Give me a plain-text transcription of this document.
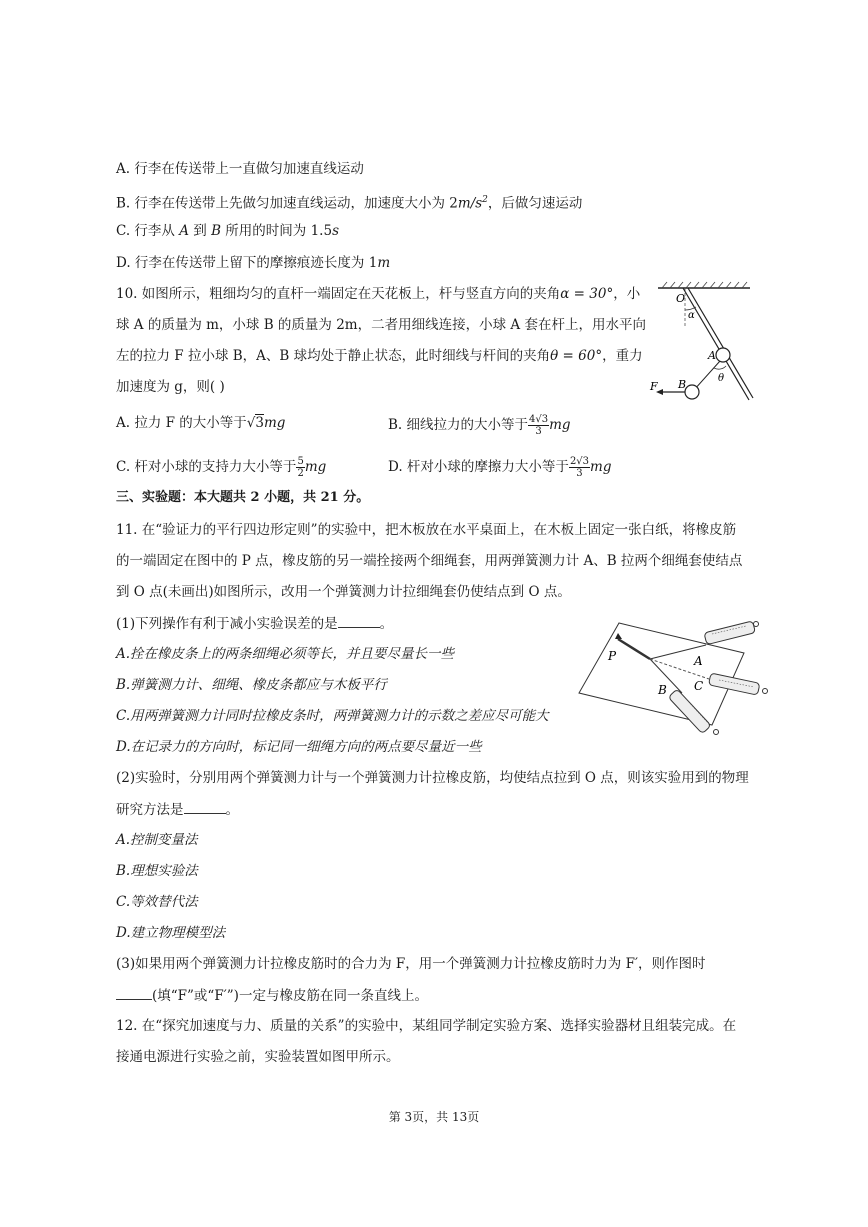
A. 行李在传送带上一直做匀加速直线运动
B. 行李在传送带上先做匀加速直线运动，加速度大小为 $2m/s^2$，后做匀速运动
C. 行李从 A 到 B 所用的时间为 1.5s
D. 行李在传送带上留下的摩擦痕迹长度为 1m
10. 如图所示，粗细均匀的直杆一端固定在天花板上，杆与竖直方向的夹角α = 30°，小
球 A 的质量为 m，小球 B 的质量为 2m，二者用细线连接，小球 A 套在杆上，用水平向
左的拉力 F 拉小球 B，A、B 球均处于静止状态，此时细线与杆间的夹角θ = 60°，重力
加速度为 g，则( )
O
α
A
θ
B
F
A. 拉力 F 的大小等于√3mg	B. 细线拉力的大小等于 $\frac{4√3}{3}$ mg
C. 杆对小球的支持力大小等于 $\frac{5}{2}$ mg	D. 杆对小球的摩擦力大小等于 $\frac{2√3}{3}$ mg
三、实验题：本大题共 2 小题，共 21 分。
11. 在“验证力的平行四边形定则”的实验中，把木板放在水平桌面上，在木板上固定一张白纸，将橡皮筋
的一端固定在图中的 P 点，橡皮筋的另一端拴接两个细绳套，用两弹簧测力计 A、B 拉两个细绳套使结点
到 O 点(未画出)如图所示，改用一个弹簧测力计拉细绳套仍使结点到 O 点。
(1)下列操作有利于减小实验误差的是	。
A.拴在橡皮条上的两条细绳必须等长，并且要尽量长一些
B.弹簧测力计、细绳、橡皮条都应与木板平行
C.用两弹簧测力计同时拉橡皮条时，两弹簧测力计的示数之差应尽可能大
D.在记录力的方向时，标记同一细绳方向的两点要尽量近一些
P	A
C
B
(2)实验时，分别用两个弹簧测力计与一个弹簧测力计拉橡皮筋，均使结点拉到 O 点，则该实验用到的物理
研究方法是	。
A.控制变量法
B.理想实验法
C.等效替代法
D.建立物理模型法
(3)如果用两个弹簧测力计拉橡皮筋时的合力为 F，用一个弹簧测力计拉橡皮筋时力为 F′，则作图时
(填“F”或“F′”)一定与橡皮筋在同一条直线上。
12. 在“探究加速度与力、质量的关系”的实验中，某组同学制定实验方案、选择实验器材且组装完成。在
接通电源进行实验之前，实验装置如图甲所示。
第 3页，共 13页
